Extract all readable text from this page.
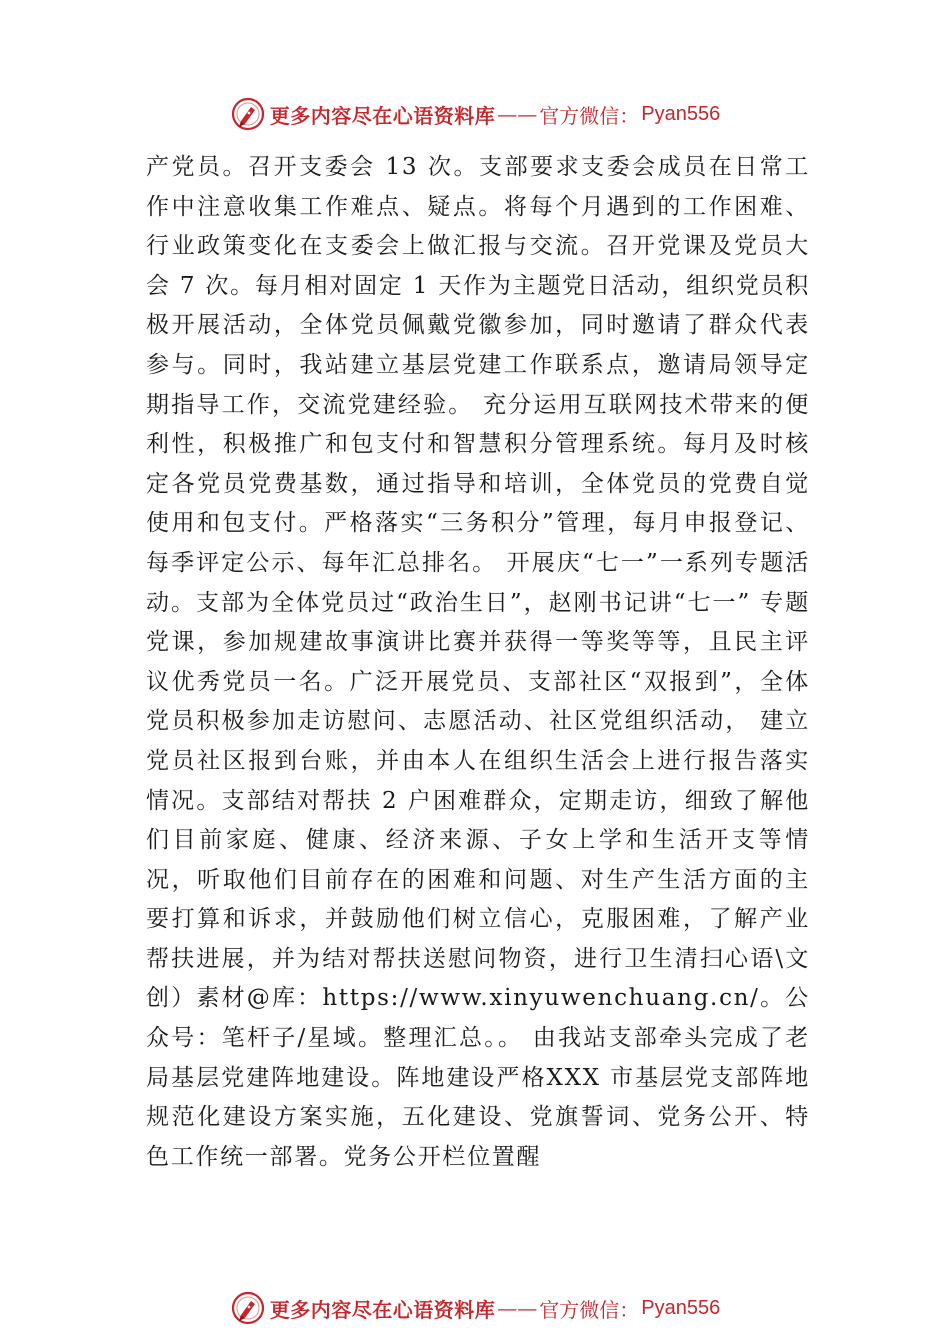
更多内容尽在心语资料库 —— 官方微信： Pyan556

产党员。召开支委会 13 次。支部要求支委会成员在日常工作中注意收集工作难点、疑点。将每个月遇到的工作困难、行业政策变化在支委会上做汇报与交流。召开党课及党员大会 7 次。每月相对固定 1 天作为主题党日活动，组织党员积极开展活动，全体党员佩戴党徽参加，同时邀请了群众代表参与。同时，我站建立基层党建工作联系点，邀请局领导定期指导工作，交流党建经验。 充分运用互联网技术带来的便利性，积极推广和包支付和智慧积分管理系统。每月及时核定各党员党费基数，通过指导和培训，全体党员的党费自觉使用和包支付。严格落实“三务积分”管理，每月申报登记、 每季评定公示、每年汇总排名。 开展庆“七一”一系列专题活动。支部为全体党员过“政治生日”，赵刚书记讲“七一” 专题党课，参加规建故事演讲比赛并获得一等奖等等，且民主评议优秀党员一名。广泛开展党员、支部社区“双报到”，全体党员积极参加走访慰问、志愿活动、社区党组织活动， 建立党员社区报到台账，并由本人在组织生活会上进行报告落实情况。支部结对帮扶 2 户困难群众，定期走访，细致了解他们目前家庭、健康、经济来源、子女上学和生活开支等情况，听取他们目前存在的困难和问题、对生产生活方面的主要打算和诉求，并鼓励他们树立信心，克服困难，了解产业帮扶进展，并为结对帮扶送慰问物资，进行卫生清扫心语\文创）素材@库：https://www.xinyuwenchuang.cn/。公众号：笔杆子/星域。整理汇总。。 由我站支部牵头完成了老局基层党建阵地建设。阵地建设严格XXX 市基层党支部阵地规范化建设方案实施，五化建设、党旗誓词、党务公开、特色工作统一部署。党务公开栏位置醒

更多内容尽在心语资料库 —— 官方微信： Pyan556
